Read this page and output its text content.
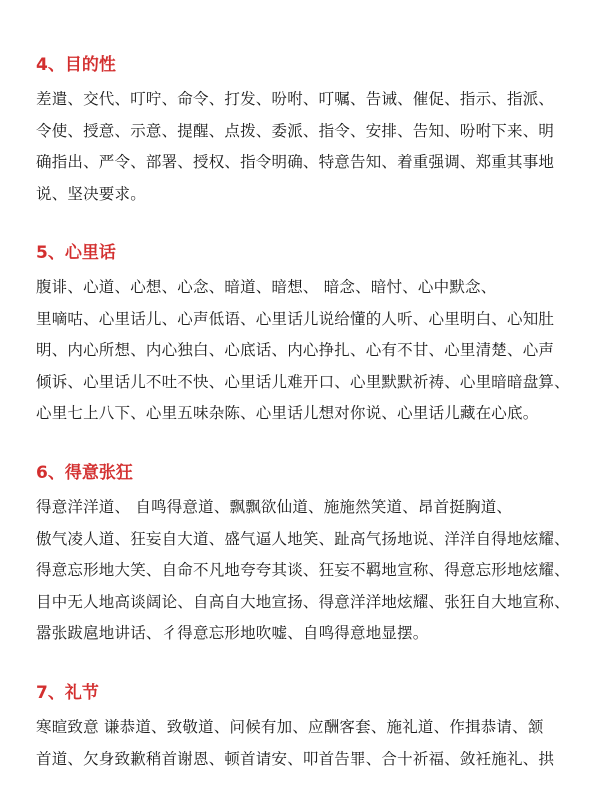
4、目的性
差遣、交代、叮咛、命令、打发、吩咐、叮嘱、告诫、催促、指示、指派、
令使、授意、示意、提醒、点拨、委派、指令、安排、告知、吩咐下来、明
确指出、严令、部署、授权、指令明确、特意告知、着重强调、郑重其事地
说、坚决要求。
5、心里话
腹诽、心道、心想、心念、暗道、暗想、 暗念、暗忖、心中默念、
里嘀咕、心里话儿、心声低语、心里话儿说给懂的人听、心里明白、心知肚
明、内心所想、内心独白、心底话、内心挣扎、心有不甘、心里清楚、心声
倾诉、心里话儿不吐不快、心里话儿难开口、心里默默祈祷、心里暗暗盘算、
心里七上八下、心里五味杂陈、心里话儿想对你说、心里话儿藏在心底。
6、得意张狂
得意洋洋道、 自鸣得意道、飘飘欲仙道、施施然笑道、昂首挺胸道、
傲气凌人道、狂妄自大道、盛气逼人地笑、趾高气扬地说、洋洋自得地炫耀、
得意忘形地大笑、自命不凡地夸夸其谈、狂妄不羁地宣称、得意忘形地炫耀、
目中无人地高谈阔论、自高自大地宣扬、得意洋洋地炫耀、张狂自大地宣称、
嚣张跋扈地讲话、彳得意忘形地吹嘘、自鸣得意地显摆。
7、礼节
寒暄致意 谦恭道、致敬道、问候有加、应酬客套、施礼道、作揖恭请、颔
首道、欠身致歉稍首谢恩、顿首请安、叩首告罪、合十祈福、敛衽施礼、拱
